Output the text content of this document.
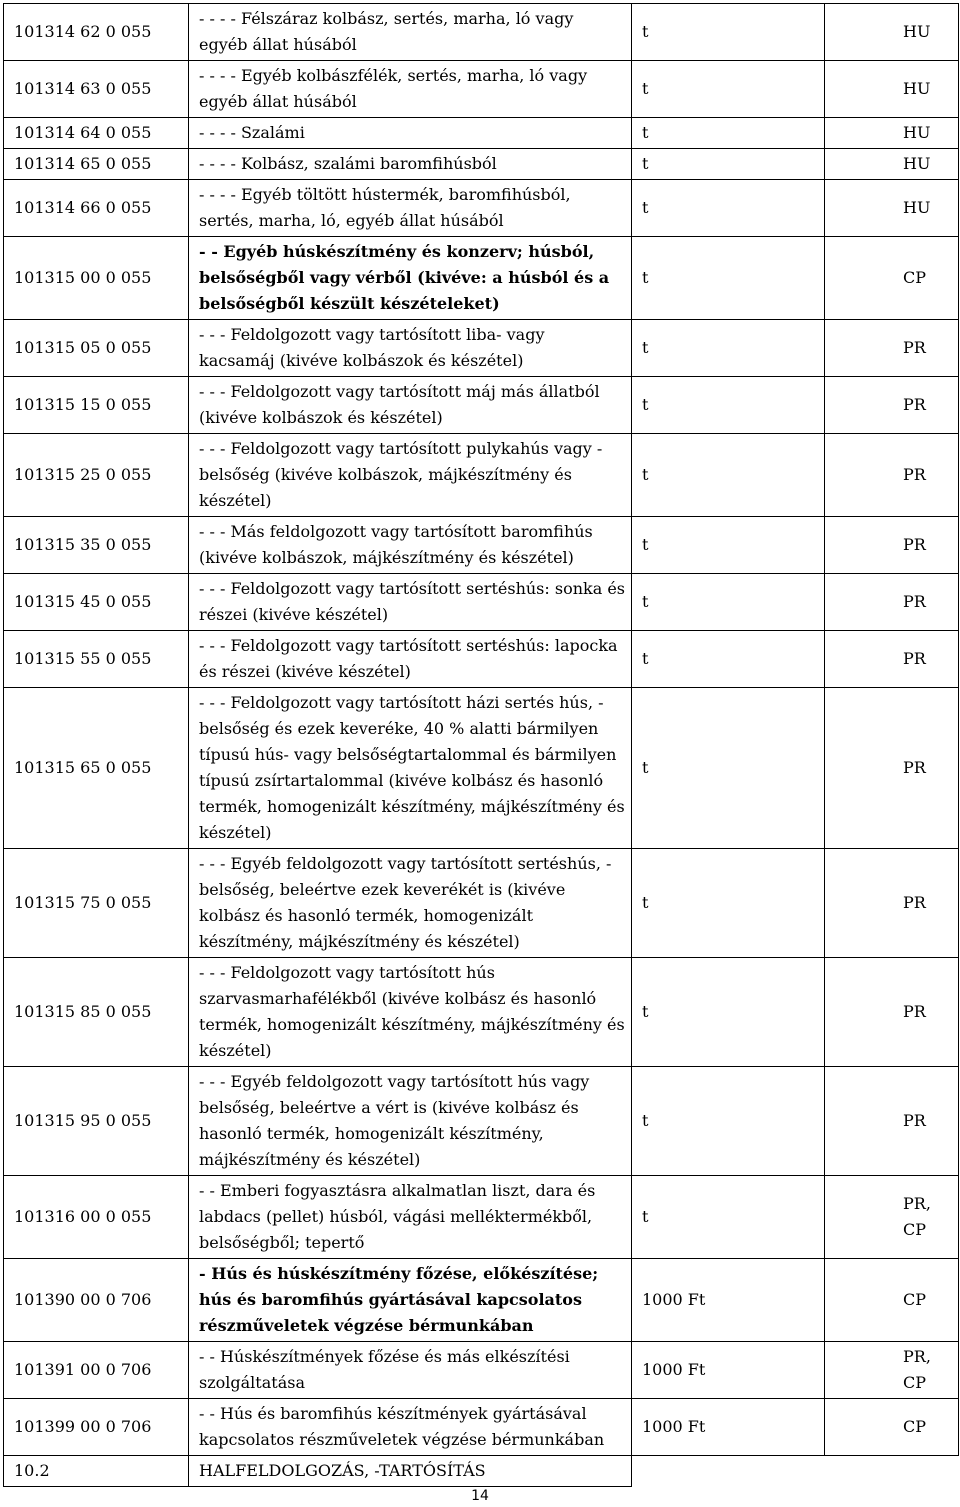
101314 62 0 055	- - - - Félszáraz kolbász, sertés, marha, ló vagy egyéb állat húsából	t	HU
101314 63 0 055	- - - - Egyéb kolbászfélék, sertés, marha, ló vagy egyéb állat húsából	t	HU
101314 64 0 055	- - - - Szalámi	t	HU
101314 65 0 055	- - - - Kolbász, szalámi baromfihúsból	t	HU
101314 66 0 055	- - - - Egyéb töltött hústermék, baromfihúsból, sertés, marha, ló, egyéb állat húsából	t	HU
101315 00 0 055	- - Egyéb húskészítmény és konzerv; húsból, belsőségből vagy vérből (kivéve: a húsból és a belsőségből készült készételeket)	t	CP
101315 05 0 055	- - - Feldolgozott vagy tartósított liba- vagy kacsamáj (kivéve kolbászok és készétel)	t	PR
101315 15 0 055	- - - Feldolgozott vagy tartósított máj más állatból (kivéve kolbászok és készétel)	t	PR
101315 25 0 055	- - - Feldolgozott vagy tartósított pulykahús vagy - belsőség (kivéve kolbászok, májkészítmény és készétel)	t	PR
101315 35 0 055	- - - Más feldolgozott vagy tartósított baromfihús (kivéve kolbászok, májkészítmény és készétel)	t	PR
101315 45 0 055	- - - Feldolgozott vagy tartósított sertéshús: sonka és részei (kivéve készétel)	t	PR
101315 55 0 055	- - - Feldolgozott vagy tartósított sertéshús: lapocka és részei (kivéve készétel)	t	PR
101315 65 0 055	- - - Feldolgozott vagy tartósított házi sertés hús, - belsőség és ezek keveréke, 40 % alatti bármilyen típusú hús- vagy belsőségtartalommal és bármilyen típusú zsírtartalommal (kivéve kolbász és hasonló termék, homogenizált készítmény, májkészítmény és készétel)	t	PR
101315 75 0 055	- - - Egyéb feldolgozott vagy tartósított sertéshús, - belsőség, beleértve ezek keverékét is (kivéve kolbász és hasonló termék, homogenizált készítmény, májkészítmény és készétel)	t	PR
101315 85 0 055	- - - Feldolgozott vagy tartósított hús szarvasmarhafélékből (kivéve kolbász és hasonló termék, homogenizált készítmény, májkészítmény és készétel)	t	PR
101315 95 0 055	- - - Egyéb feldolgozott vagy tartósított hús vagy belsőség, beleértve a vért is (kivéve kolbász és hasonló termék, homogenizált készítmény, májkészítmény és készétel)	t	PR
101316 00 0 055	- - Emberi fogyasztásra alkalmatlan liszt, dara és labdacs (pellet) húsból, vágási melléktermékből, belsőségből; tepertő	t	PR, CP
101390 00 0 706	- Hús és húskészítmény főzése, előkészítése; hús és baromfihús gyártásával kapcsolatos részműveletek végzése bérmunkában	1000 Ft	CP
101391 00 0 706	- - Húskészítmények főzése és más elkészítési szolgáltatása	1000 Ft	PR, CP
101399 00 0 706	- - Hús és baromfihús készítmények gyártásával kapcsolatos részműveletek végzése bérmunkában	1000 Ft	CP
10.2	HALFELDOLGOZÁS, -TARTÓSÍTÁS		
14
